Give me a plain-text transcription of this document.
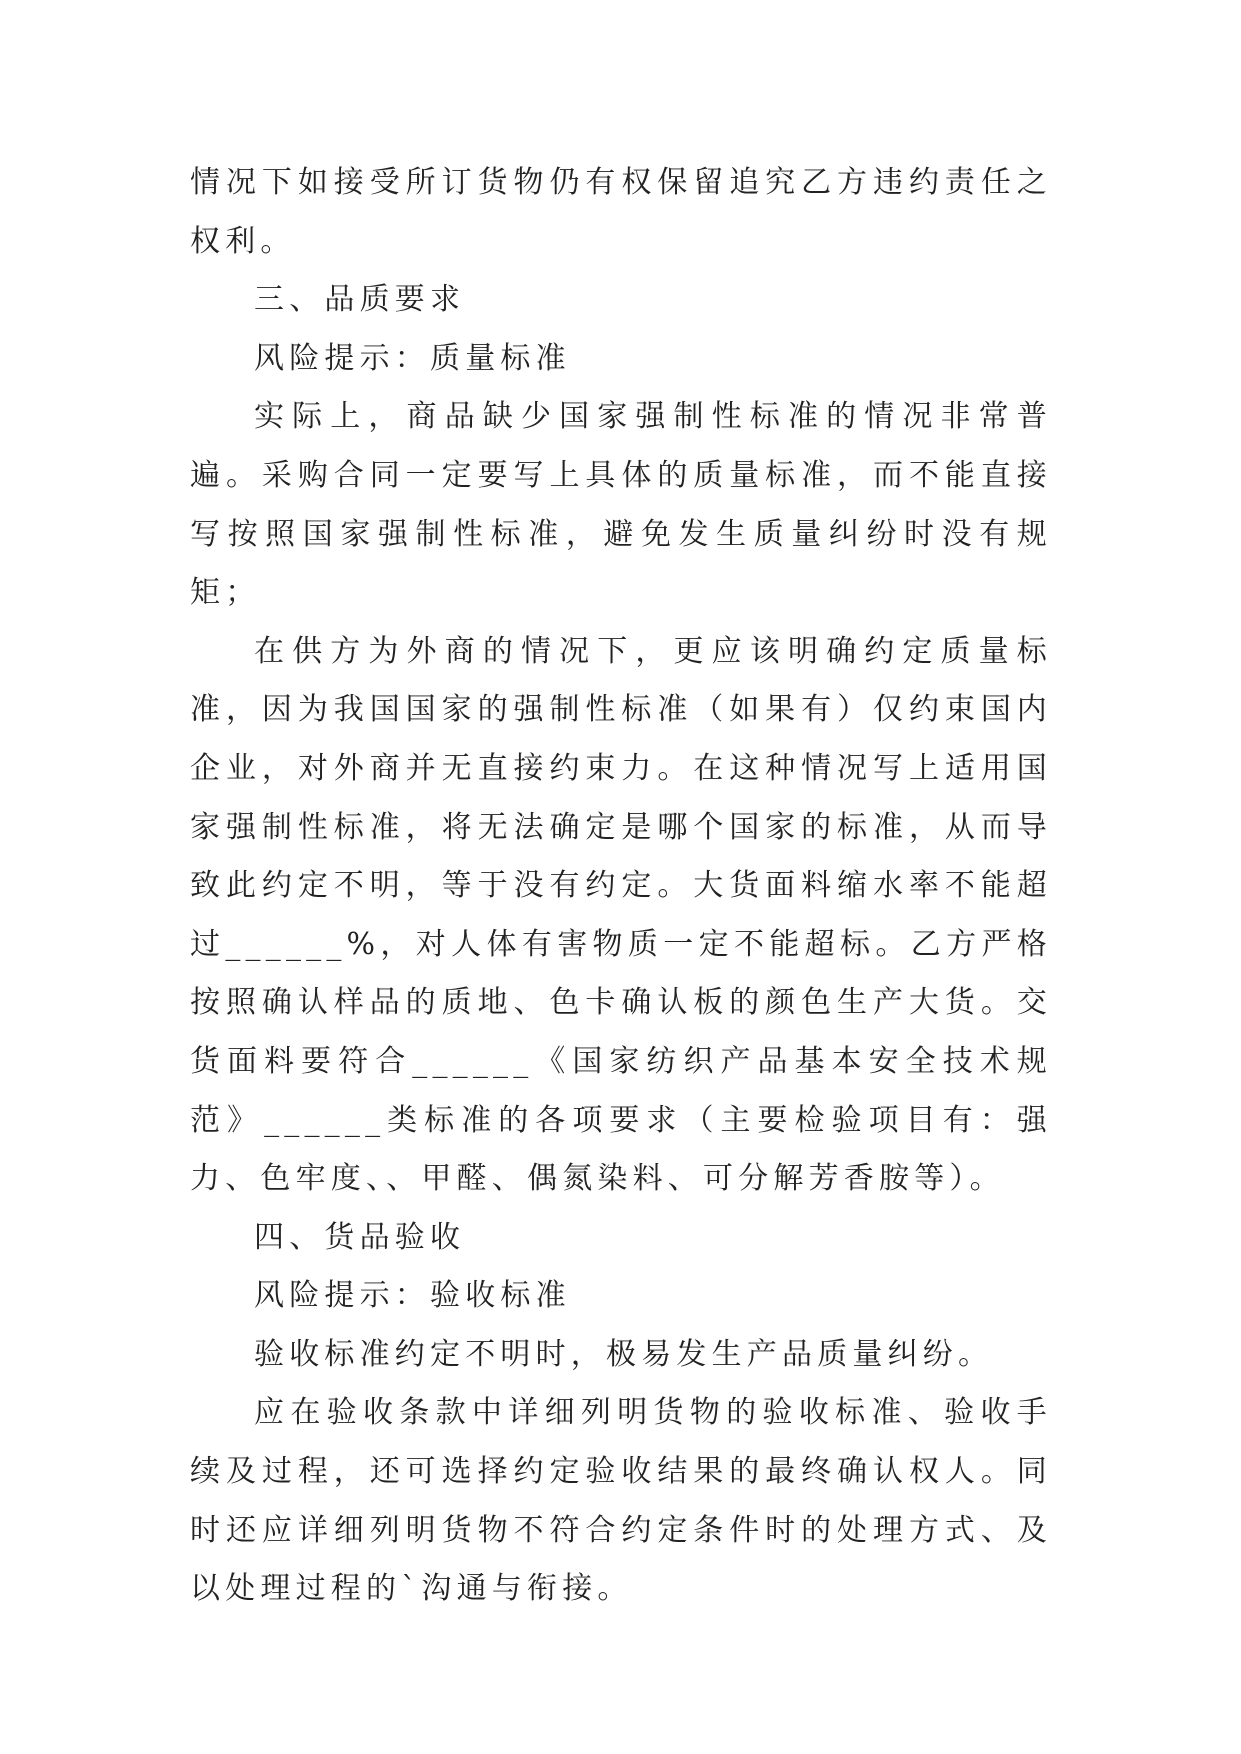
情况下如接受所订货物仍有权保留追究乙方违约责任之权利。

三、品质要求

风险提示：质量标准

实际上，商品缺少国家强制性标准的情况非常普遍。采购合同一定要写上具体的质量标准，而不能直接写按照国家强制性标准，避免发生质量纠纷时没有规矩；

在供方为外商的情况下，更应该明确约定质量标准，因为我国国家的强制性标准（如果有）仅约束国内企业，对外商并无直接约束力。在这种情况写上适用国家强制性标准，将无法确定是哪个国家的标准，从而导致此约定不明，等于没有约定。大货面料缩水率不能超过______%，对人体有害物质一定不能超标。乙方严格按照确认样品的质地、色卡确认板的颜色生产大货。交货面料要符合______《国家纺织产品基本安全技术规范》______类标准的各项要求（主要检验项目有：强力、色牢度、、甲醛、偶氮染料、可分解芳香胺等）。

四、货品验收

风险提示：验收标准

验收标准约定不明时，极易发生产品质量纠纷。

应在验收条款中详细列明货物的验收标准、验收手续及过程，还可选择约定验收结果的最终确认权人。同时还应详细列明货物不符合约定条件时的处理方式、及以处理过程的`沟通与衔接。
